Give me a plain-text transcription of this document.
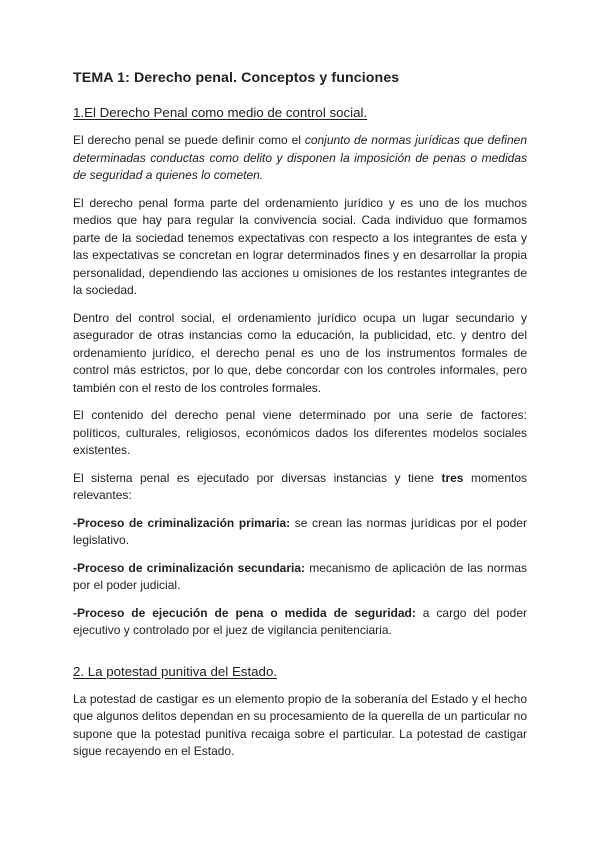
TEMA 1: Derecho penal. Conceptos y funciones
1.El Derecho Penal como medio de control social.

El derecho penal se puede definir como el conjunto de normas jurídicas que definen determinadas conductas como delito y disponen la imposición de penas o medidas de seguridad a quienes lo cometen.

El derecho penal forma parte del ordenamiento jurídico y es uno de los muchos medios que hay para regular la convivencia social. Cada individuo que formamos parte de la sociedad tenemos expectativas con respecto a los integrantes de esta y las expectativas se concretan en lograr determinados fines y en desarrollar la propia personalidad, dependiendo las acciones u omisiones de los restantes integrantes de la sociedad.

Dentro del control social, el ordenamiento jurídico ocupa un lugar secundario y asegurador de otras instancias como la educación, la publicidad, etc. y dentro del ordenamiento jurídico, el derecho penal es uno de los instrumentos formales de control más estrictos, por lo que, debe concordar con los controles informales, pero también con el resto de los controles formales.

El contenido del derecho penal viene determinado por una serie de factores: políticos, culturales, religiosos, económicos dados los diferentes modelos sociales existentes.

El sistema penal es ejecutado por diversas instancias y tiene tres momentos relevantes:

-Proceso de criminalización primaria: se crean las normas jurídicas por el poder legislativo.

-Proceso de criminalización secundaria: mecanismo de aplicación de las normas por el poder judicial.

-Proceso de ejecución de pena o medida de seguridad: a cargo del poder ejecutivo y controlado por el juez de vigilancia penitenciaria.

2. La potestad punitiva del Estado.

La potestad de castigar es un elemento propio de la soberanía del Estado y el hecho que algunos delitos dependan en su procesamiento de la querella de un particular no supone que la potestad punitiva recaiga sobre el particular. La potestad de castigar sigue recayendo en el Estado.
